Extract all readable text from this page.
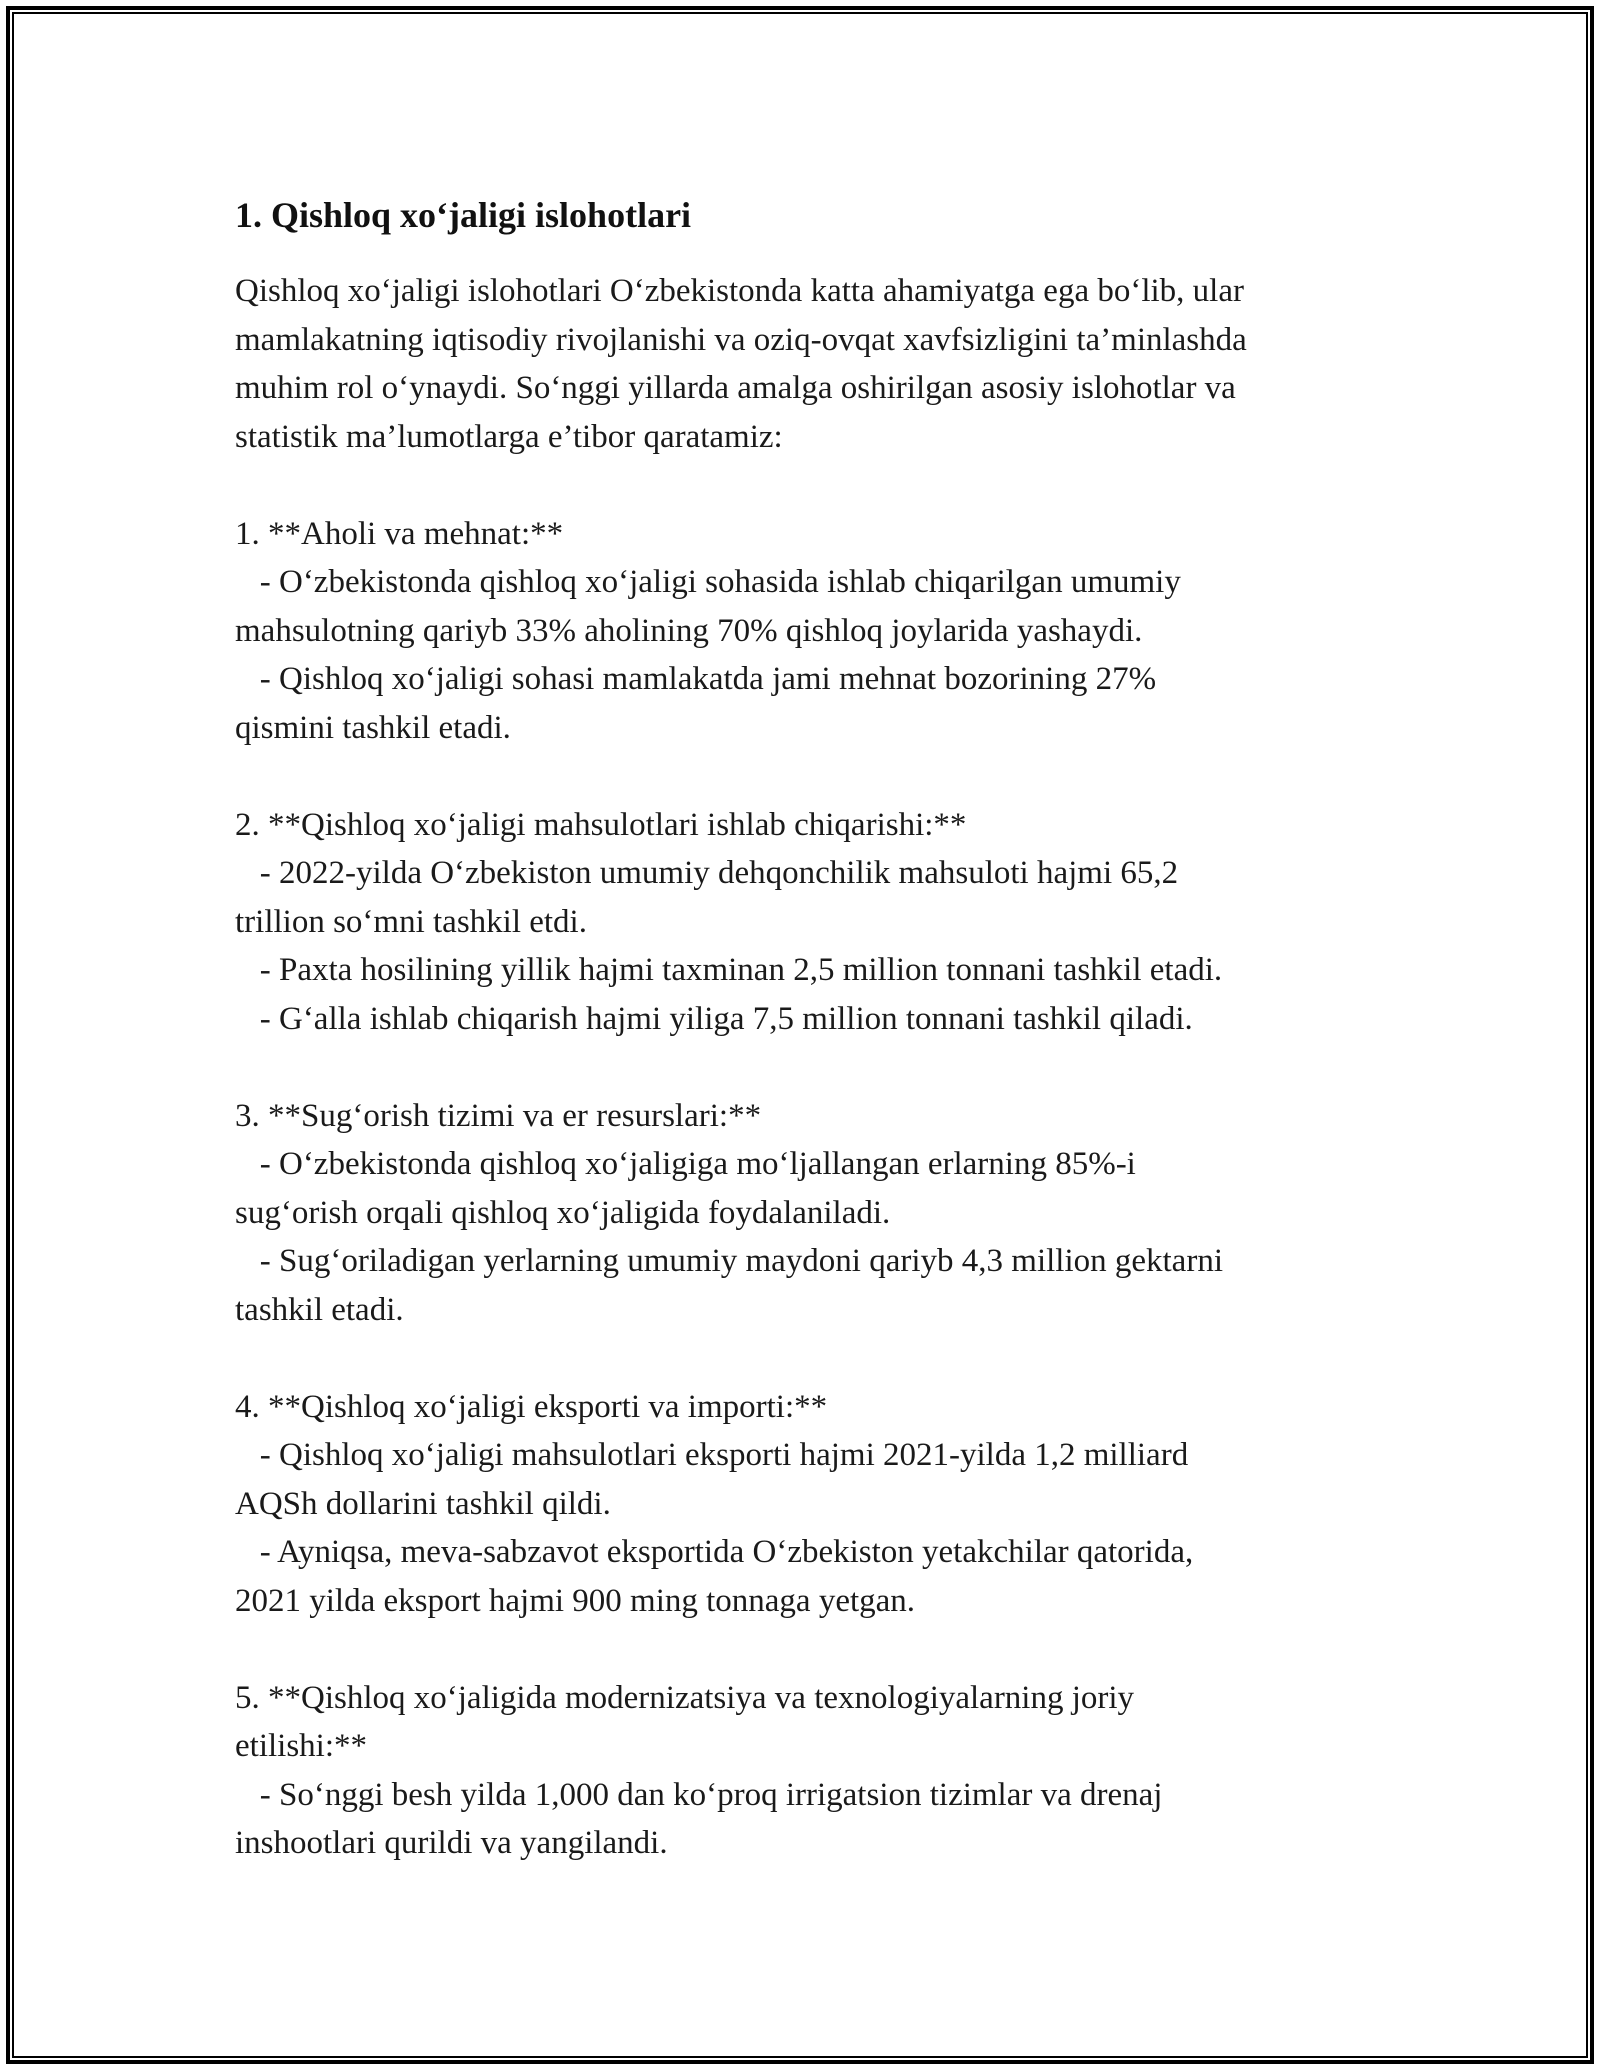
1. Qishloq xo‘jaligi islohotlari
Qishloq xo‘jaligi islohotlari O‘zbekistonda katta ahamiyatga ega bo‘lib, ular
mamlakatning iqtisodiy rivojlanishi va oziq-ovqat xavfsizligini ta’minlashda
muhim rol o‘ynaydi. So‘nggi yillarda amalga oshirilgan asosiy islohotlar va
statistik ma’lumotlarga e’tibor qaratamiz:
1. **Aholi va mehnat:**
- O‘zbekistonda qishloq xo‘jaligi sohasida ishlab chiqarilgan umumiy
mahsulotning qariyb 33% aholining 70% qishloq joylarida yashaydi.
- Qishloq xo‘jaligi sohasi mamlakatda jami mehnat bozorining 27%
qismini tashkil etadi.
2. **Qishloq xo‘jaligi mahsulotlari ishlab chiqarishi:**
- 2022-yilda O‘zbekiston umumiy dehqonchilik mahsuloti hajmi 65,2
trillion so‘mni tashkil etdi.
- Paxta hosilining yillik hajmi taxminan 2,5 million tonnani tashkil etadi.
- G‘alla ishlab chiqarish hajmi yiliga 7,5 million tonnani tashkil qiladi.
3. **Sug‘orish tizimi va er resurslari:**
- O‘zbekistonda qishloq xo‘jaligiga mo‘ljallangan erlarning 85%-i
sug‘orish orqali qishloq xo‘jaligida foydalaniladi.
- Sug‘oriladigan yerlarning umumiy maydoni qariyb 4,3 million gektarni
tashkil etadi.
4. **Qishloq xo‘jaligi eksporti va importi:**
- Qishloq xo‘jaligi mahsulotlari eksporti hajmi 2021-yilda 1,2 milliard
AQSh dollarini tashkil qildi.
- Ayniqsa, meva-sabzavot eksportida O‘zbekiston yetakchilar qatorida,
2021 yilda eksport hajmi 900 ming tonnaga yetgan.
5. **Qishloq xo‘jaligida modernizatsiya va texnologiyalarning joriy
etilishi:**
- So‘nggi besh yilda 1,000 dan ko‘proq irrigatsion tizimlar va drenaj
inshootlari qurildi va yangilandi.
